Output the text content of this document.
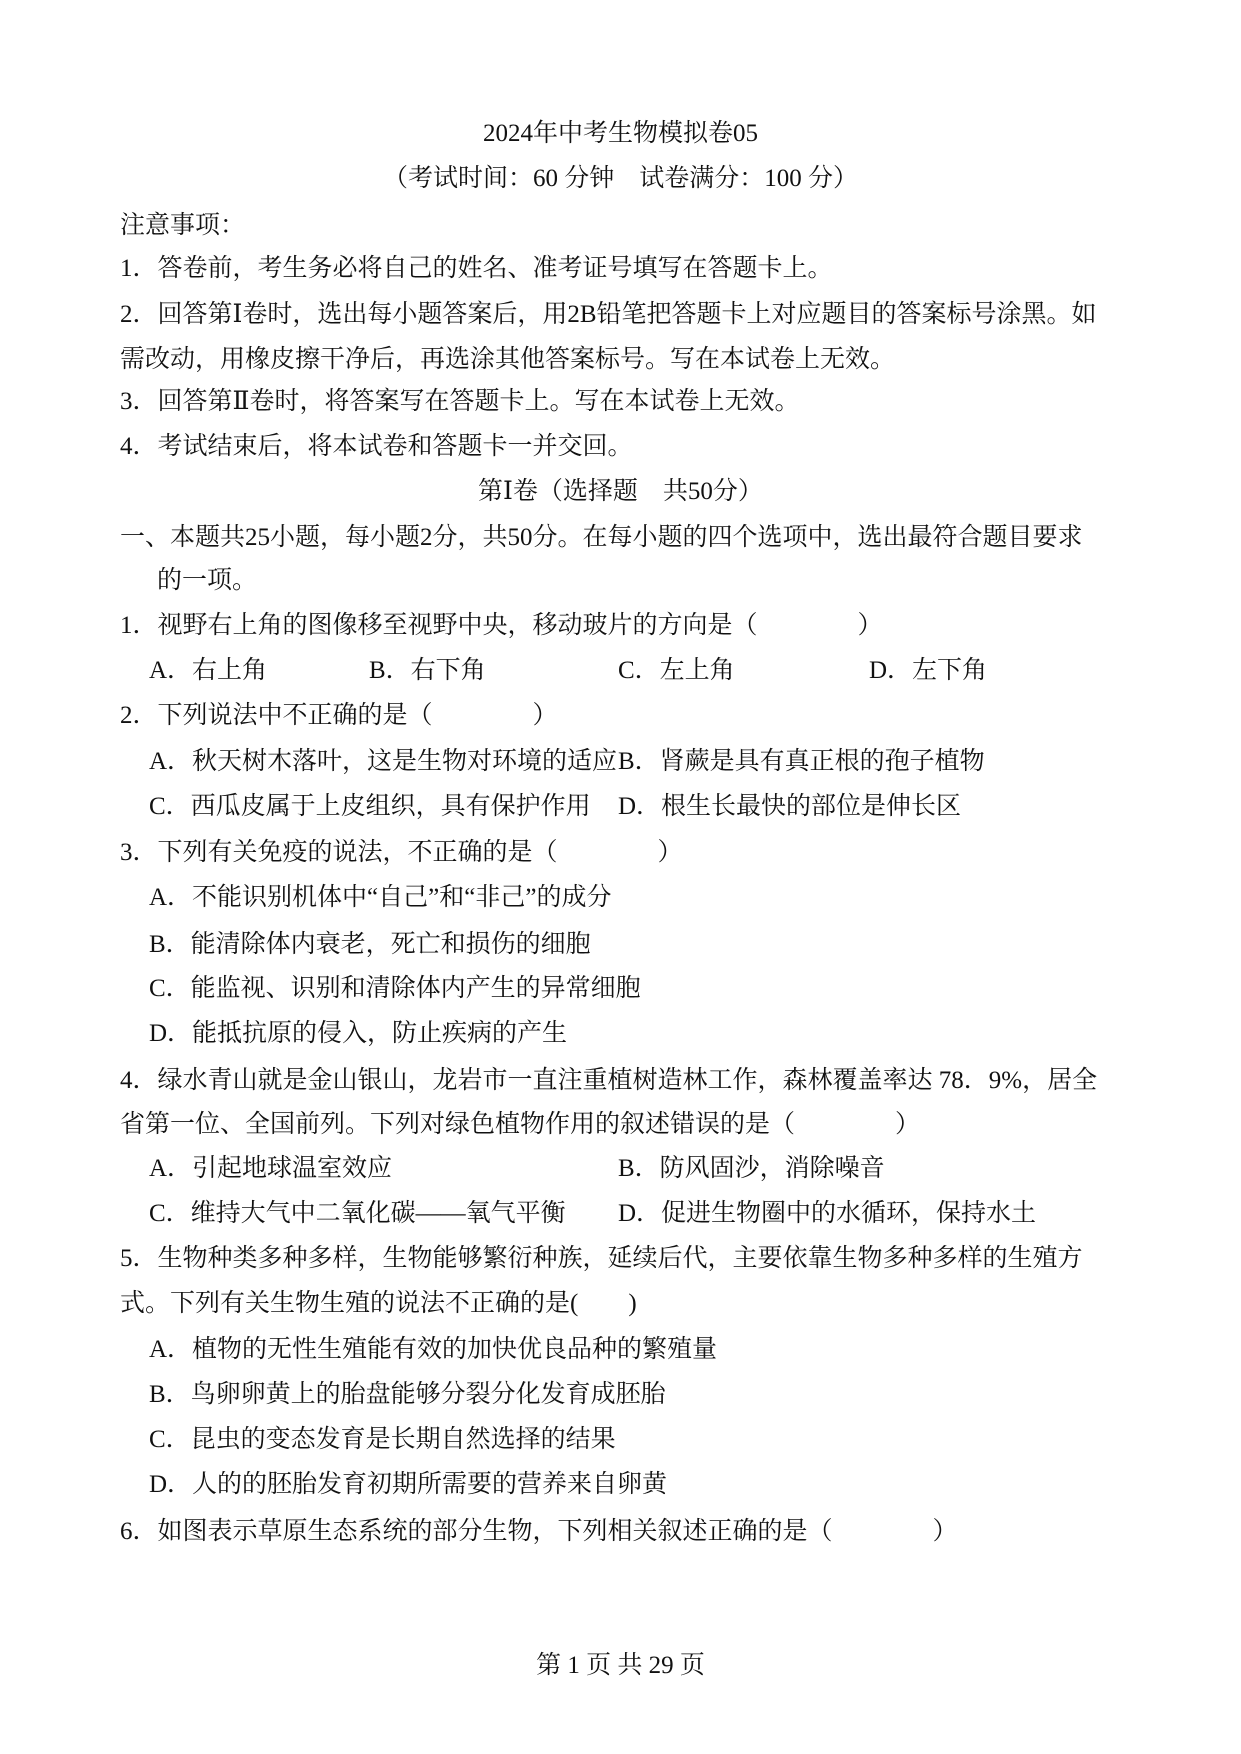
2024年中考生物模拟卷05
（考试时间：60 分钟　试卷满分：100 分）
注意事项：
1．答卷前，考生务必将自己的姓名、准考证号填写在答题卡上。
2．回答第Ⅰ卷时，选出每小题答案后，用2B铅笔把答题卡上对应题目的答案标号涂黑。如
需改动，用橡皮擦干净后，再选涂其他答案标号。写在本试卷上无效。
3．回答第Ⅱ卷时，将答案写在答题卡上。写在本试卷上无效。
4．考试结束后，将本试卷和答题卡一并交回。
第Ⅰ卷（选择题　共50分）
一、本题共25小题，每小题2分，共50分。在每小题的四个选项中，选出最符合题目要求
的一项。
1．视野右上角的图像移至视野中央，移动玻片的方向是（　　　　）
A．右上角	B．右下角	C．左上角	D．左下角
2．下列说法中不正确的是（　　　　）
A．秋天树木落叶，这是生物对环境的适应 B．肾蕨是具有真正根的孢子植物
C．西瓜皮属于上皮组织，具有保护作用 D．根生长最快的部位是伸长区
3．下列有关免疫的说法，不正确的是（　　　　）
A．不能识别机体中“自己”和“非己”的成分
B．能清除体内衰老，死亡和损伤的细胞
C．能监视、识别和清除体内产生的异常细胞
D．能抵抗原的侵入，防止疾病的产生
4．绿水青山就是金山银山，龙岩市一直注重植树造林工作，森林覆盖率达 78．9%，居全
省第一位、全国前列。下列对绿色植物作用的叙述错误的是（　　　　）
A．引起地球温室效应	B．防风固沙，消除噪音
C．维持大气中二氧化碳——氧气平衡 D．促进生物圈中的水循环，保持水土
5．生物种类多种多样，生物能够繁衍种族，延续后代，主要依靠生物多种多样的生殖方
式。下列有关生物生殖的说法不正确的是(　　)
A．植物的无性生殖能有效的加快优良品种的繁殖量
B．鸟卵卵黄上的胎盘能够分裂分化发育成胚胎
C．昆虫的变态发育是长期自然选择的结果
D．人的的胚胎发育初期所需要的营养来自卵黄
6．如图表示草原生态系统的部分生物，下列相关叙述正确的是（　　　　）
第 1 页 共 29 页
